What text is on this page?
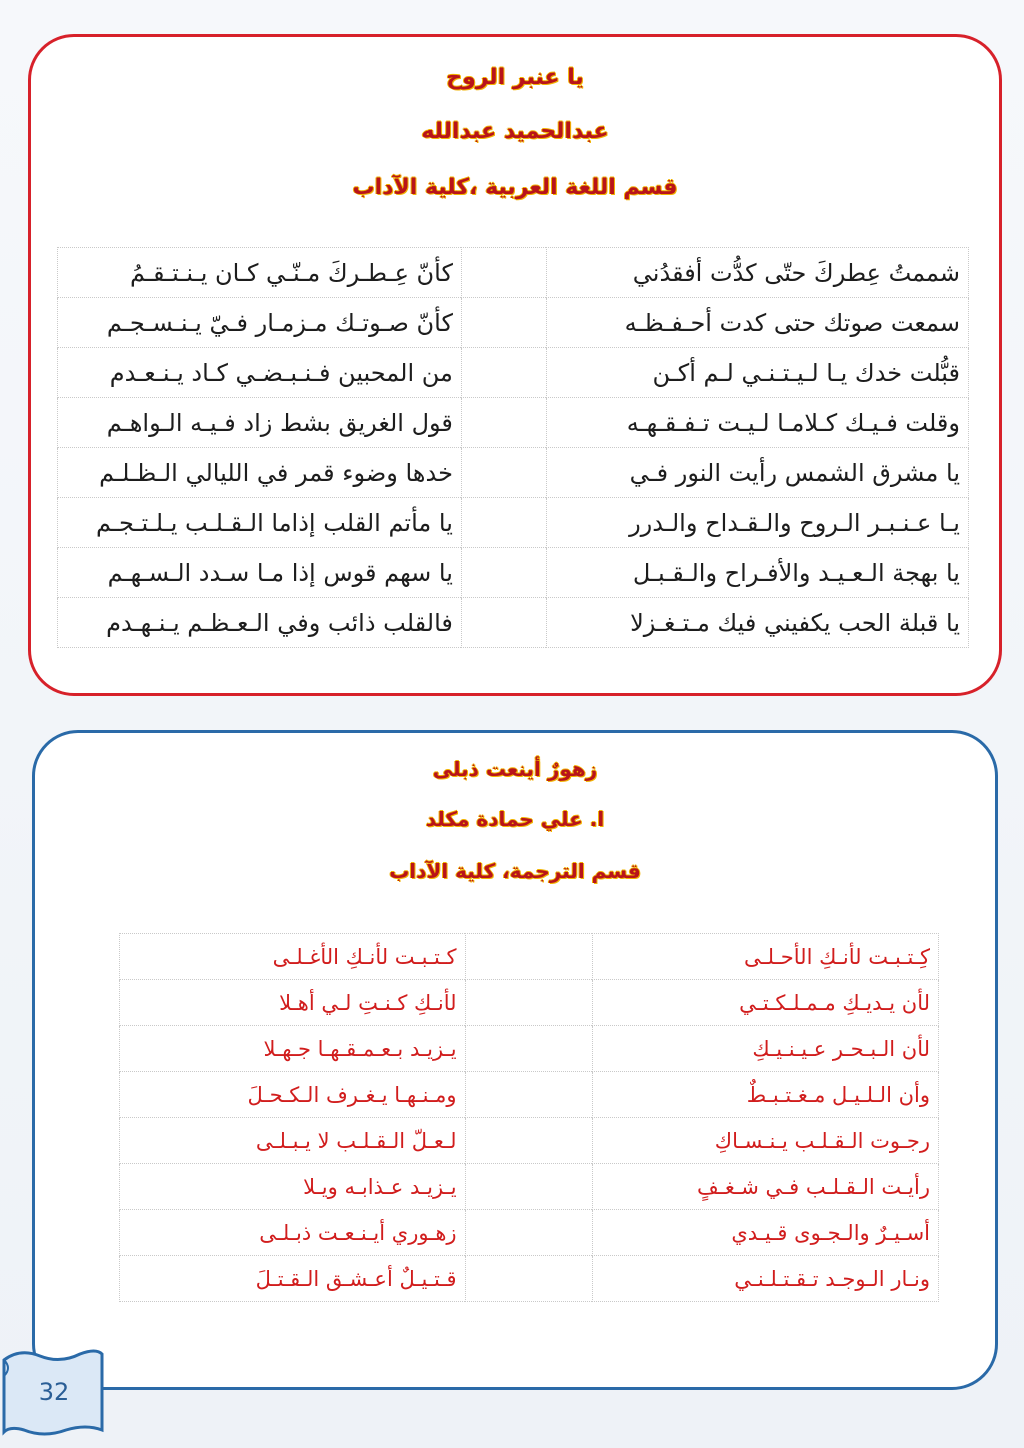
يا عنبر الروح
عبدالحميد عبدالله
قسم اللغة العربية ،كلية الآداب
شممتُ عِطركَ حتّى كدُّت أفقدُني		كأنّ عِـطـركَ مـنّـي كـان يـنـتـقـمُ
سمعت صوتك حتى كدت أحـفـظـه		كأنّ صـوتـك مـزمـار فـيّ يـنـسـجـم
قبُّلت خدك يـا لـيـتـنـي لـم أكـن		من المحبين فـنـبـضـي كـاد يـنـعـدم
وقلت فـيـك كـلامـا لـيـت تـفـقـهـه		قول الغريق بشط زاد فـيـه الـواهـم
يا مشرق الشمس رأيت النور فـي		خدها وضوء قمر في الليالي الـظـلـم
يـا عـنـبـر الـروح والـقـداح والـدرر		يا مأتم القلب إذاما الـقـلـب يـلـتـجـم
يا بهجة الـعـيـد والأفـراح والـقـبـل		يا سهم قوس إذا مـا سـدد الـسـهـم
يا قبلة الحب يكفيني فيك مـتـغـزلا		فالقلب ذائب وفي الـعـظـم يـنـهـدم
زهورٌ أينعت ذبلى
ا. علي حمادة مكلد
قسم الترجمة، كلية الآداب
كِـتـبـت لأنـكِ الأحـلـى		كـتـبـت لأنـكِ الأغـلـى
لأن يـديـكِ مـمـلـكـتـي		لأنـكِ كـنـتِ لـي أهـلا
لأن الـبـحـر عـيـنـيـكِ		يـزيـد بـعـمـقـهـا جـهـلا
وأن الـلـيـل مـغـتـبـطٌ		ومـنـهـا يـغـرف الـكـحـلَ
رجـوت الـقـلـب يـنـسـاكِ		لـعـلّ الـقـلـب لا يـبـلـى
رأيـت الـقـلـب فـي شـغـفٍ		يـزيـد عـذابـه ويـلا
أسـيـرٌ والـجـوى قـيـدي		زهـوري أيـنـعـت ذبـلـى
ونـار الـوجـد تـقـتـلـنـي		قـتـيـلٌ أعـشـق الـقـتـلَ
32
